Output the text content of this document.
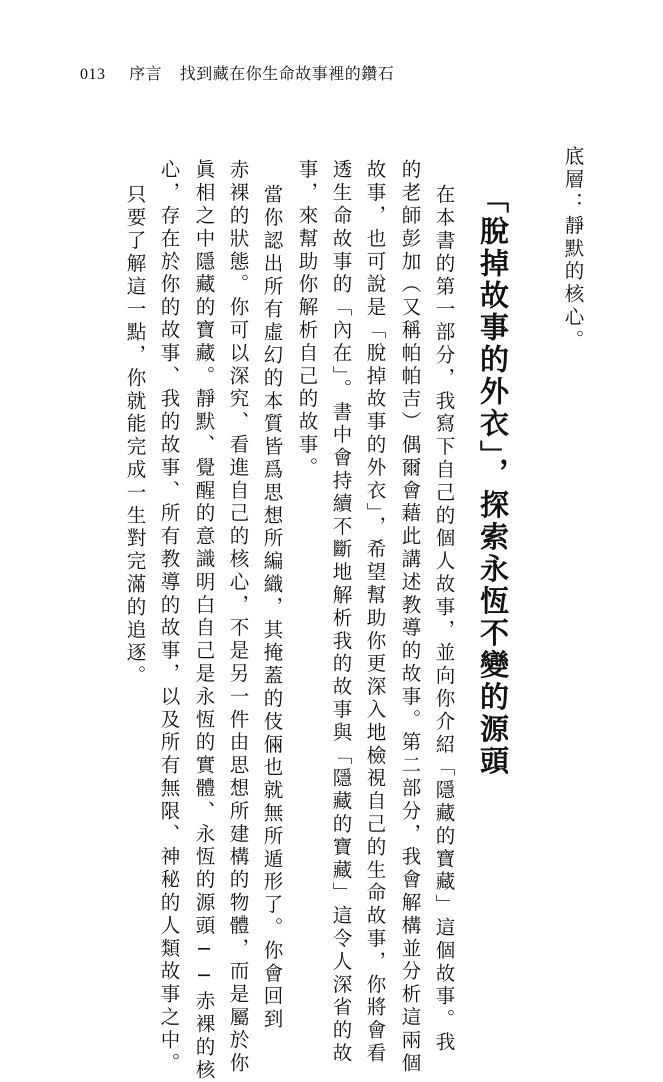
013 序言 找到藏在你生命故事裡的鑽石
底層：靜默的核心。
「脫掉故事的外衣」，探索永恆不變的源頭
在本書的第一部分，我寫下自己的個人故事，並向你介紹「隱藏的寶藏」這個故事。我
的老師彭加（又稱帕帕吉）偶爾會藉此講述教導的故事。第二部分，我會解構並分析這兩個
故事，也可說是「脫掉故事的外衣」，希望幫助你更深入地檢視自己的生命故事，你將會看
透生命故事的「內在」。書中會持續不斷地解析我的故事與「隱藏的寶藏」這令人深省的故
事，來幫助你解析自己的故事。
當你認出所有虛幻的本質皆爲思想所編織，其掩蓋的伎倆也就無所遁形了。你會回到
赤裸的狀態。你可以深究、看進自己的核心，不是另一件由思想所建構的物體，而是屬於你
眞相之中隱藏的寶藏。靜默、覺醒的意識明白自己是永恆的實體、永恆的源頭──赤裸的核
心，存在於你的故事、我的故事、所有教導的故事，以及所有無限、神秘的人類故事之中。
只要了解這一點，你就能完成一生對完滿的追逐。
